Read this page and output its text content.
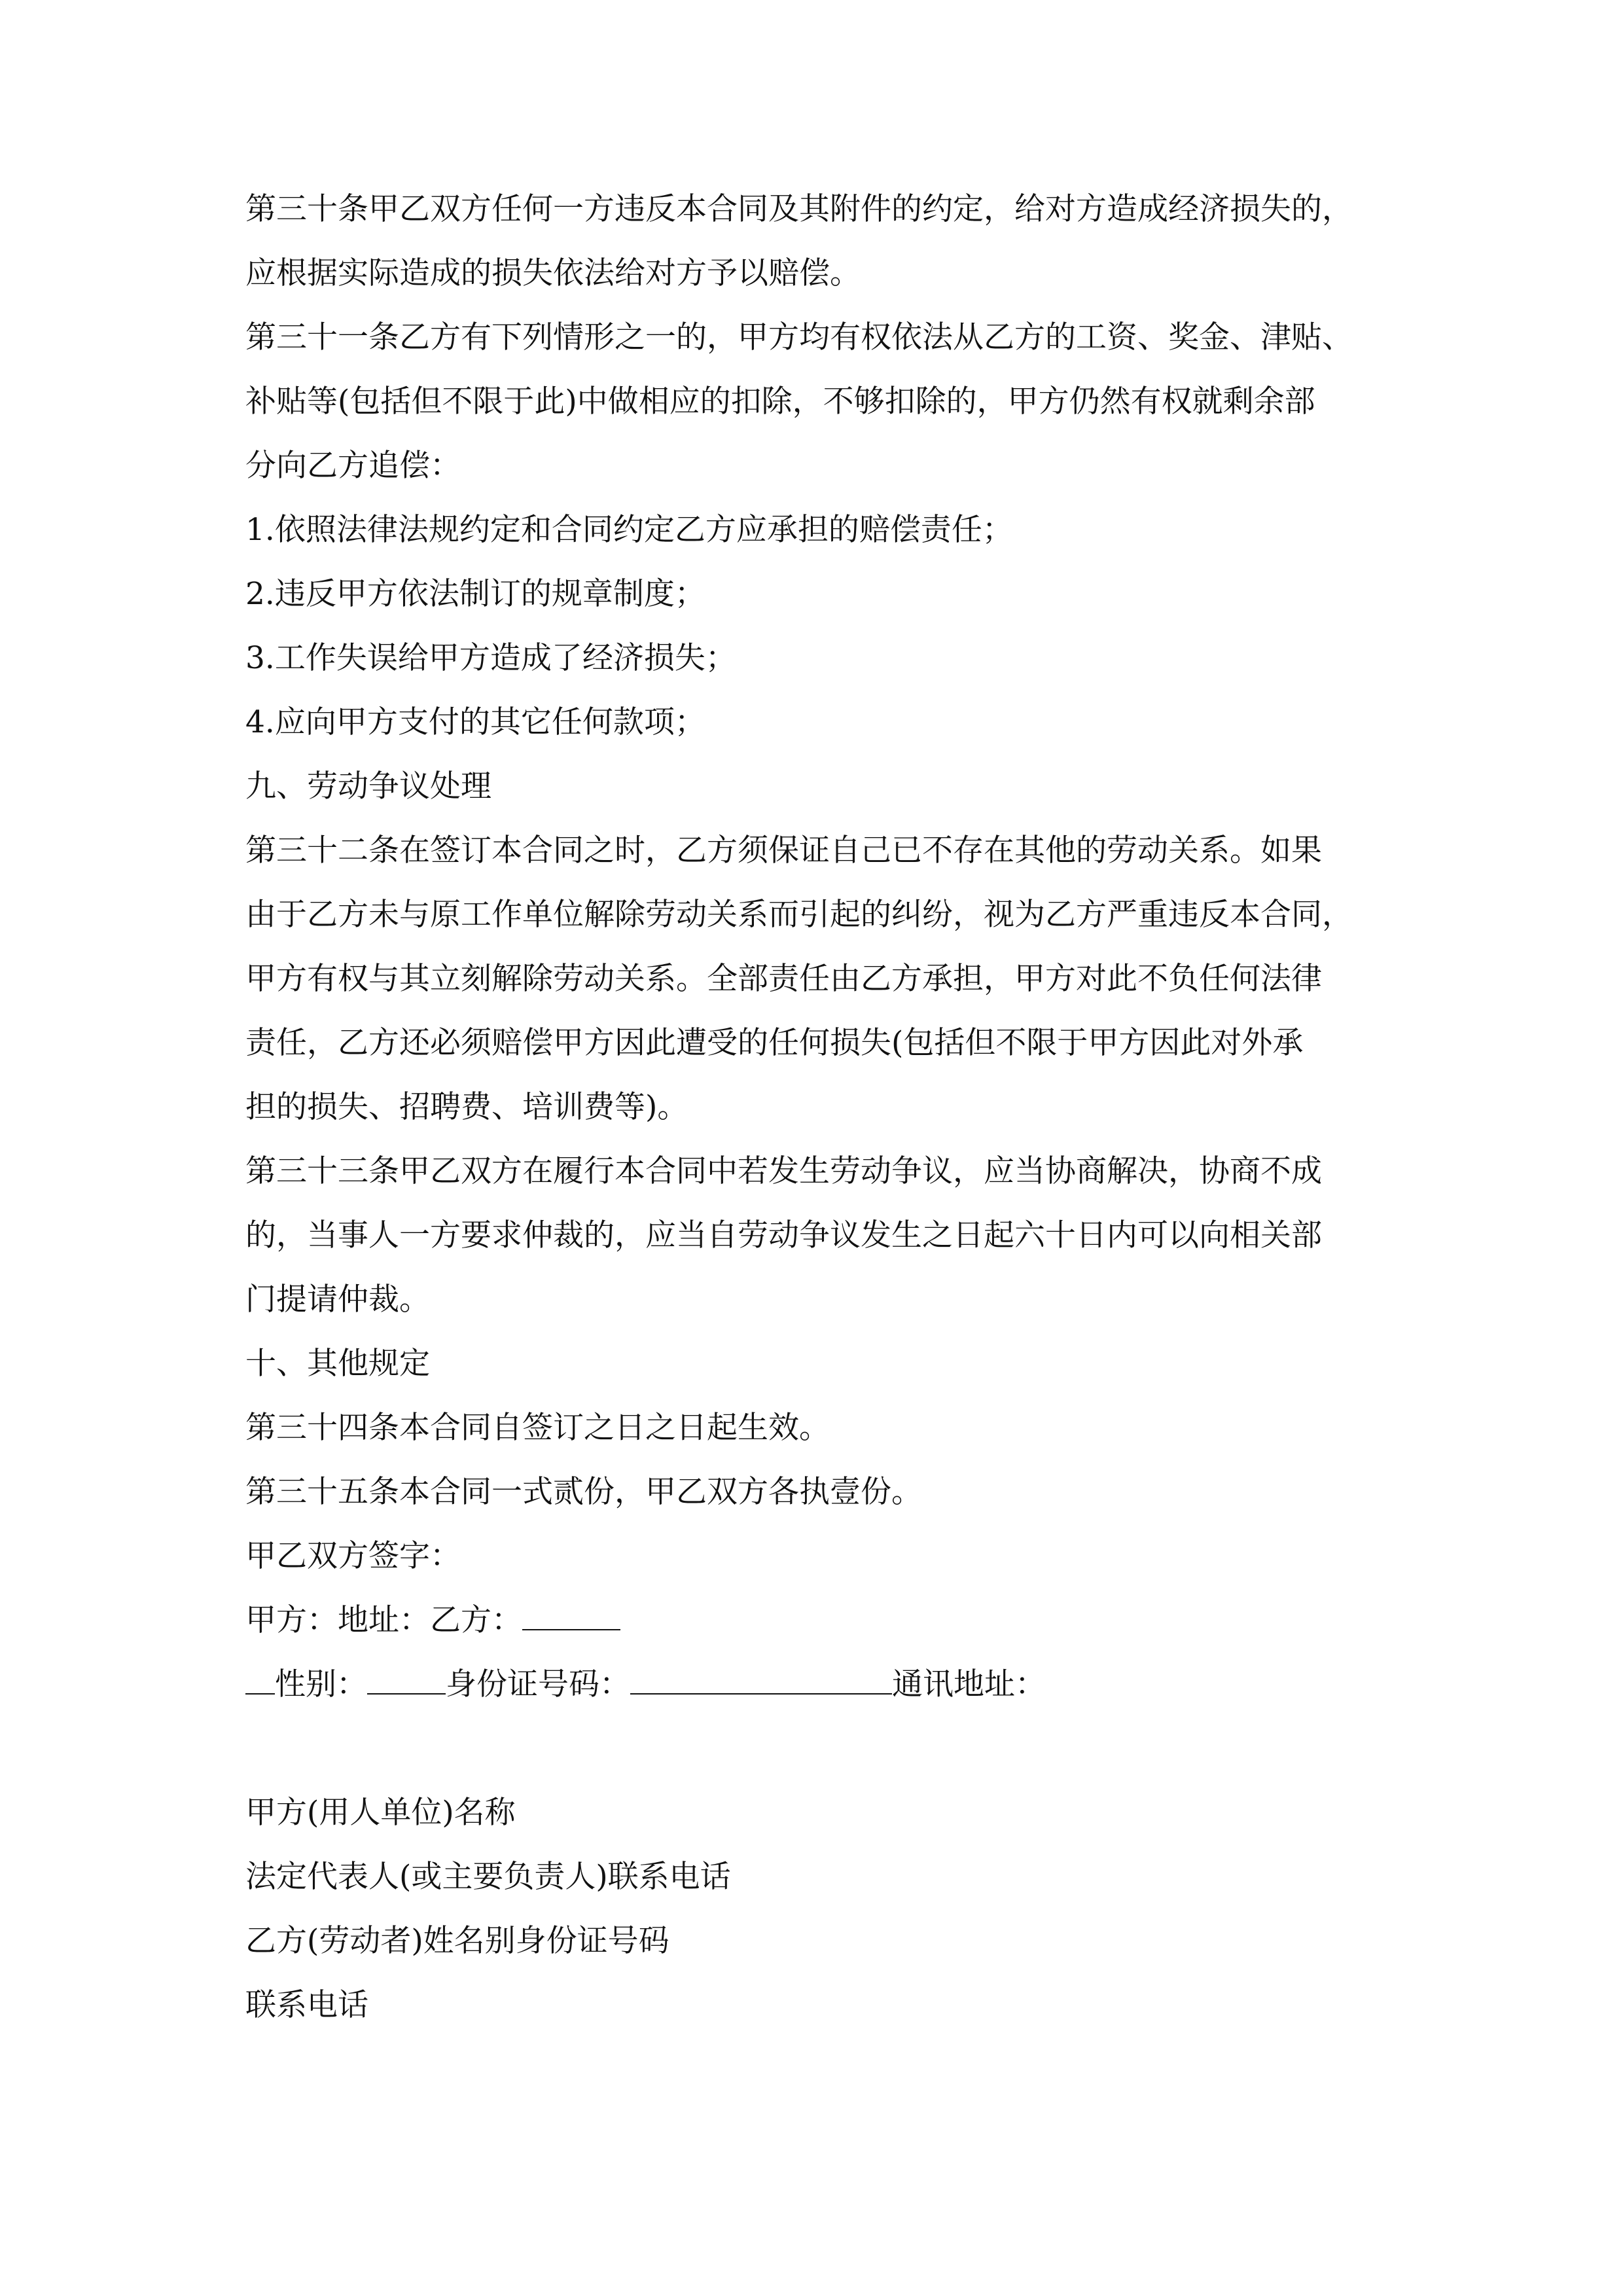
第三十条甲乙双方任何一方违反本合同及其附件的约定，给对方造成经济损失的，

应根据实际造成的损失依法给对方予以赔偿。

第三十一条乙方有下列情形之一的，甲方均有权依法从乙方的工资、奖金、津贴、

补贴等(包括但不限于此)中做相应的扣除，不够扣除的，甲方仍然有权就剩余部

分向乙方追偿：

1.依照法律法规约定和合同约定乙方应承担的赔偿责任；

2.违反甲方依法制订的规章制度；

3.工作失误给甲方造成了经济损失；

4.应向甲方支付的其它任何款项；

九、劳动争议处理

第三十二条在签订本合同之时，乙方须保证自己已不存在其他的劳动关系。如果

由于乙方未与原工作单位解除劳动关系而引起的纠纷，视为乙方严重违反本合同，

甲方有权与其立刻解除劳动关系。全部责任由乙方承担，甲方对此不负任何法律

责任，乙方还必须赔偿甲方因此遭受的任何损失(包括但不限于甲方因此对外承

担的损失、招聘费、培训费等)。

第三十三条甲乙双方在履行本合同中若发生劳动争议，应当协商解决，协商不成

的，当事人一方要求仲裁的，应当自劳动争议发生之日起六十日内可以向相关部

门提请仲裁。

十、其他规定

第三十四条本合同自签订之日之日起生效。

第三十五条本合同一式贰份，甲乙双方各执壹份。

甲乙双方签字：

甲方：地址：乙方：

性别：	身份证号码：	通讯地址：

甲方(用人单位)名称

法定代表人(或主要负责人)联系电话

乙方(劳动者)姓名别身份证号码

联系电话
